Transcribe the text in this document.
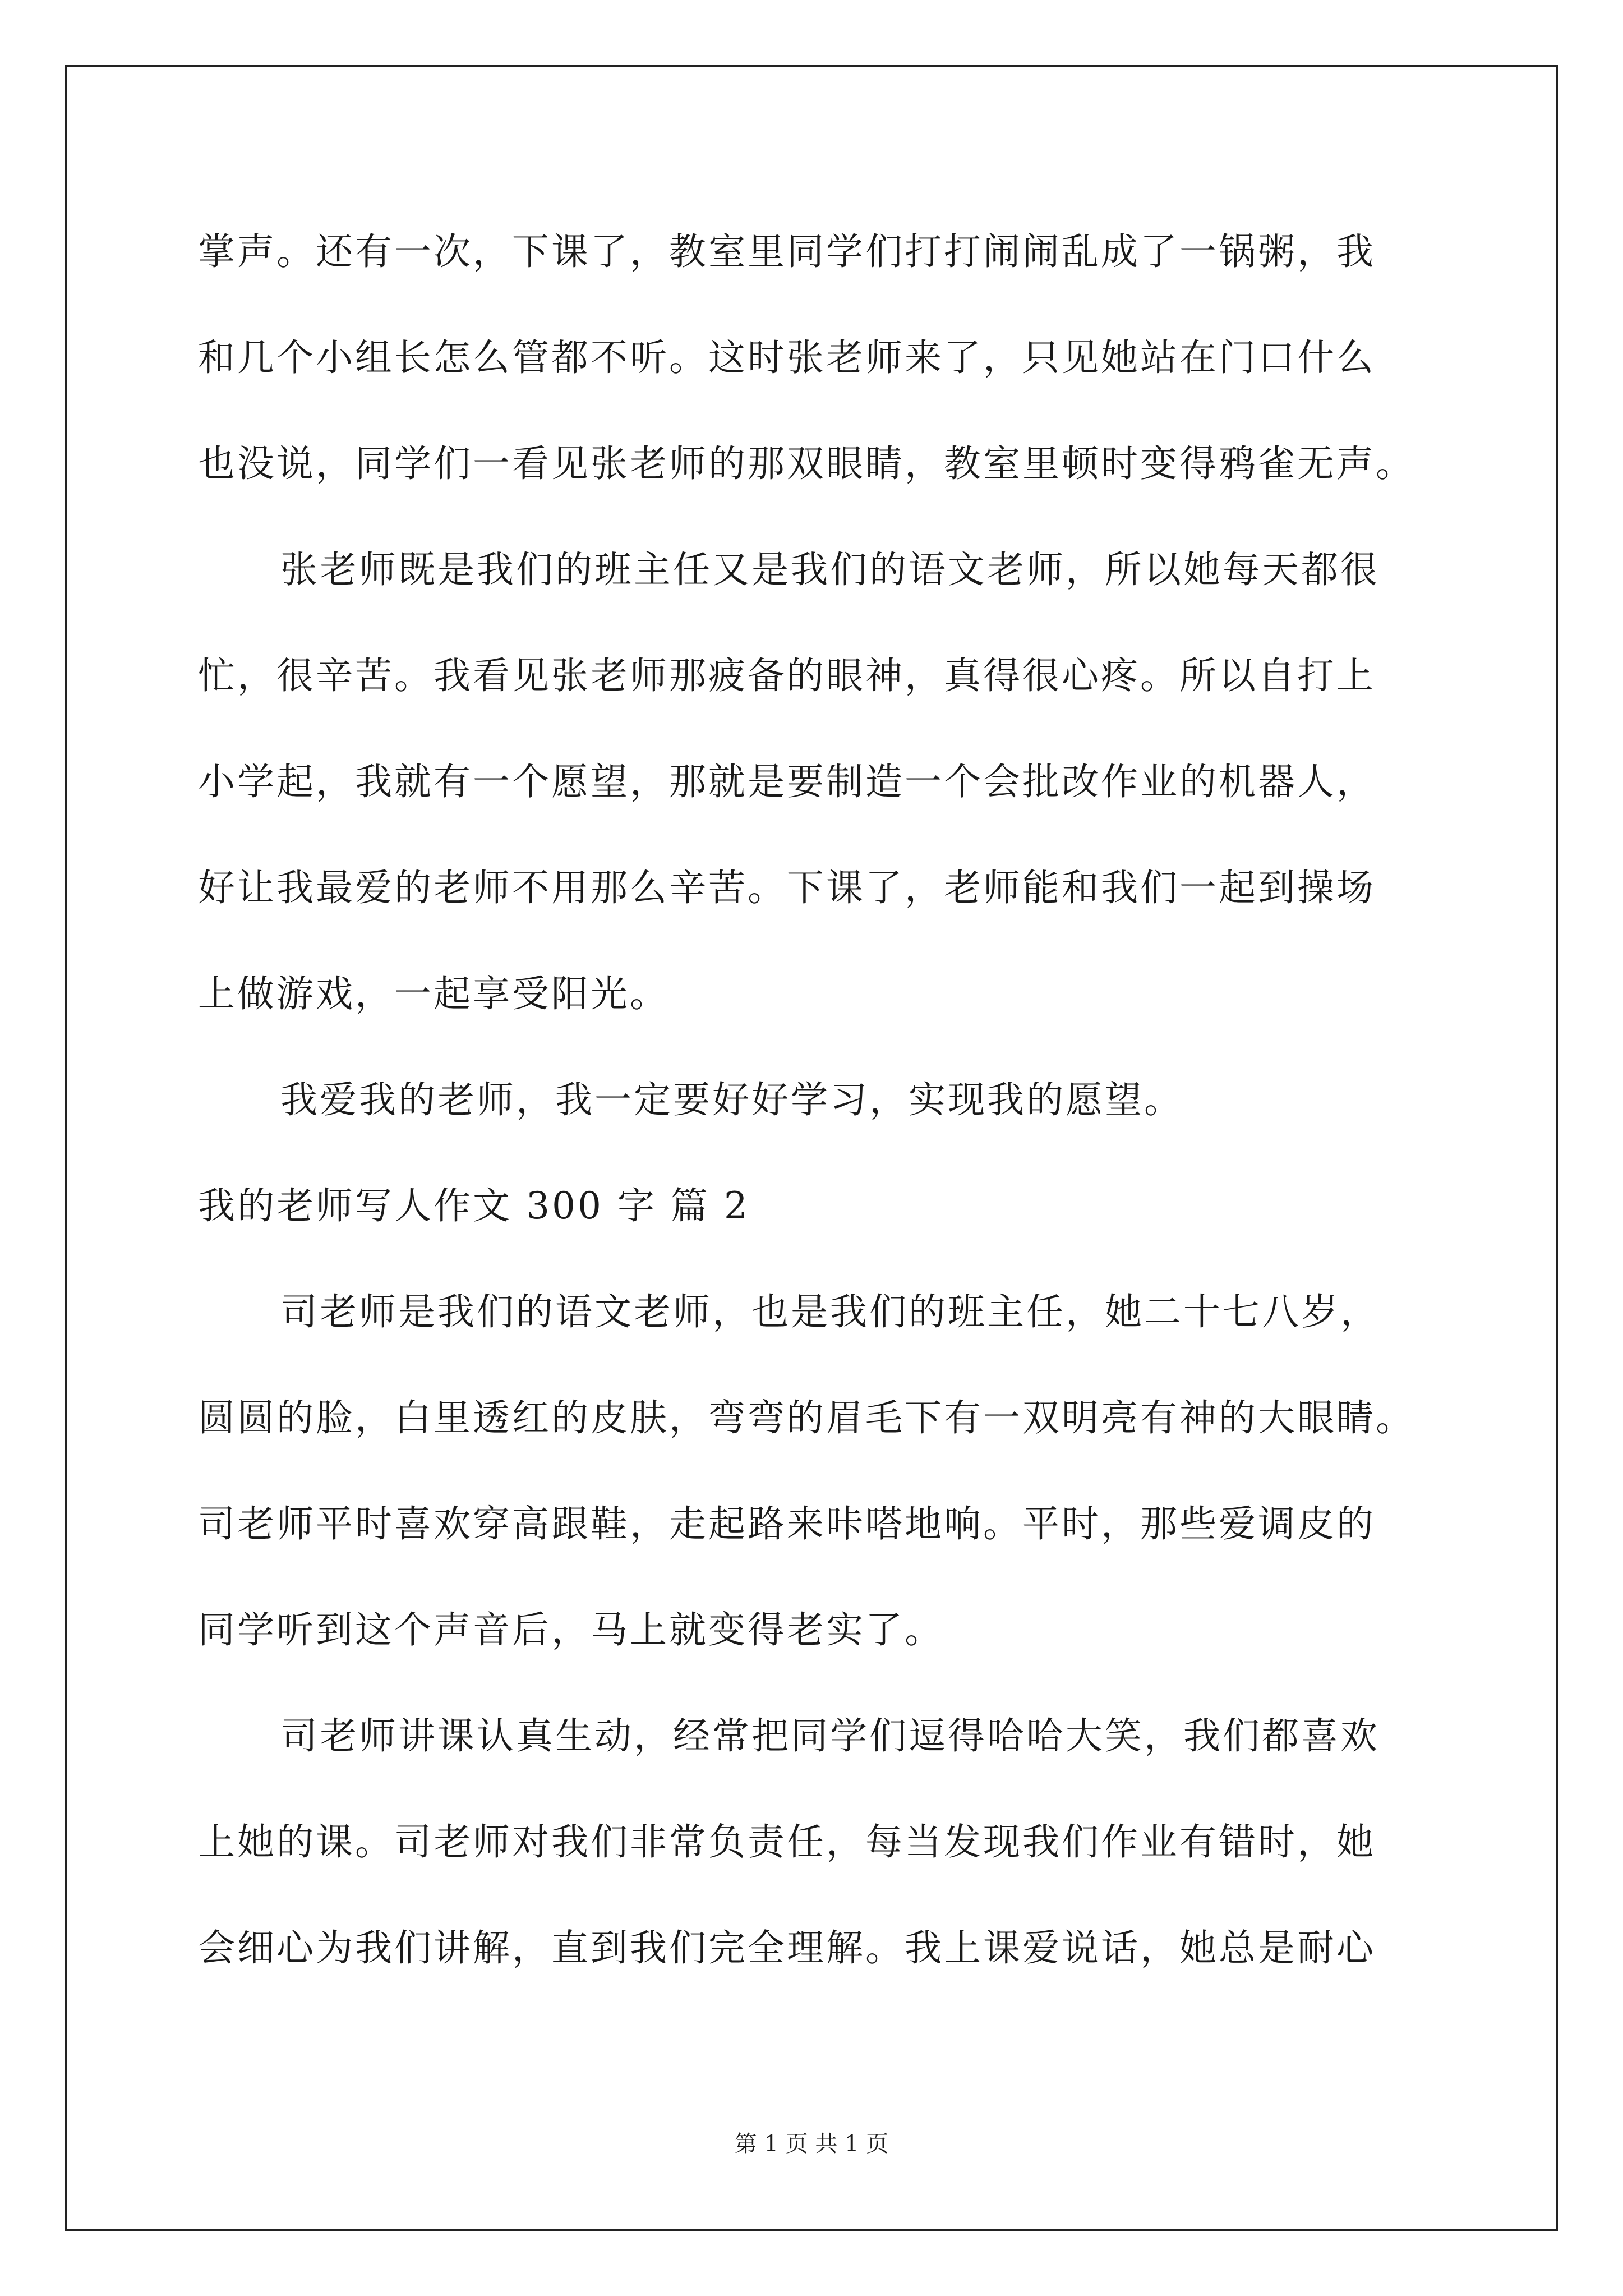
掌声。还有一次，下课了，教室里同学们打打闹闹乱成了一锅粥，我
和几个小组长怎么管都不听。这时张老师来了，只见她站在门口什么
也没说，同学们一看见张老师的那双眼睛，教室里顿时变得鸦雀无声。
张老师既是我们的班主任又是我们的语文老师，所以她每天都很
忙，很辛苦。我看见张老师那疲备的眼神，真得很心疼。所以自打上
小学起，我就有一个愿望，那就是要制造一个会批改作业的机器人，
好让我最爱的老师不用那么辛苦。下课了，老师能和我们一起到操场
上做游戏，一起享受阳光。
我爱我的老师，我一定要好好学习，实现我的愿望。
我的老师写人作文 300 字 篇 2
司老师是我们的语文老师，也是我们的班主任，她二十七八岁，
圆圆的脸，白里透红的皮肤，弯弯的眉毛下有一双明亮有神的大眼睛。
司老师平时喜欢穿高跟鞋，走起路来咔嗒地响。平时，那些爱调皮的
同学听到这个声音后，马上就变得老实了。
司老师讲课认真生动，经常把同学们逗得哈哈大笑，我们都喜欢
上她的课。司老师对我们非常负责任，每当发现我们作业有错时，她
会细心为我们讲解，直到我们完全理解。我上课爱说话，她总是耐心
第 1 页 共 1 页
